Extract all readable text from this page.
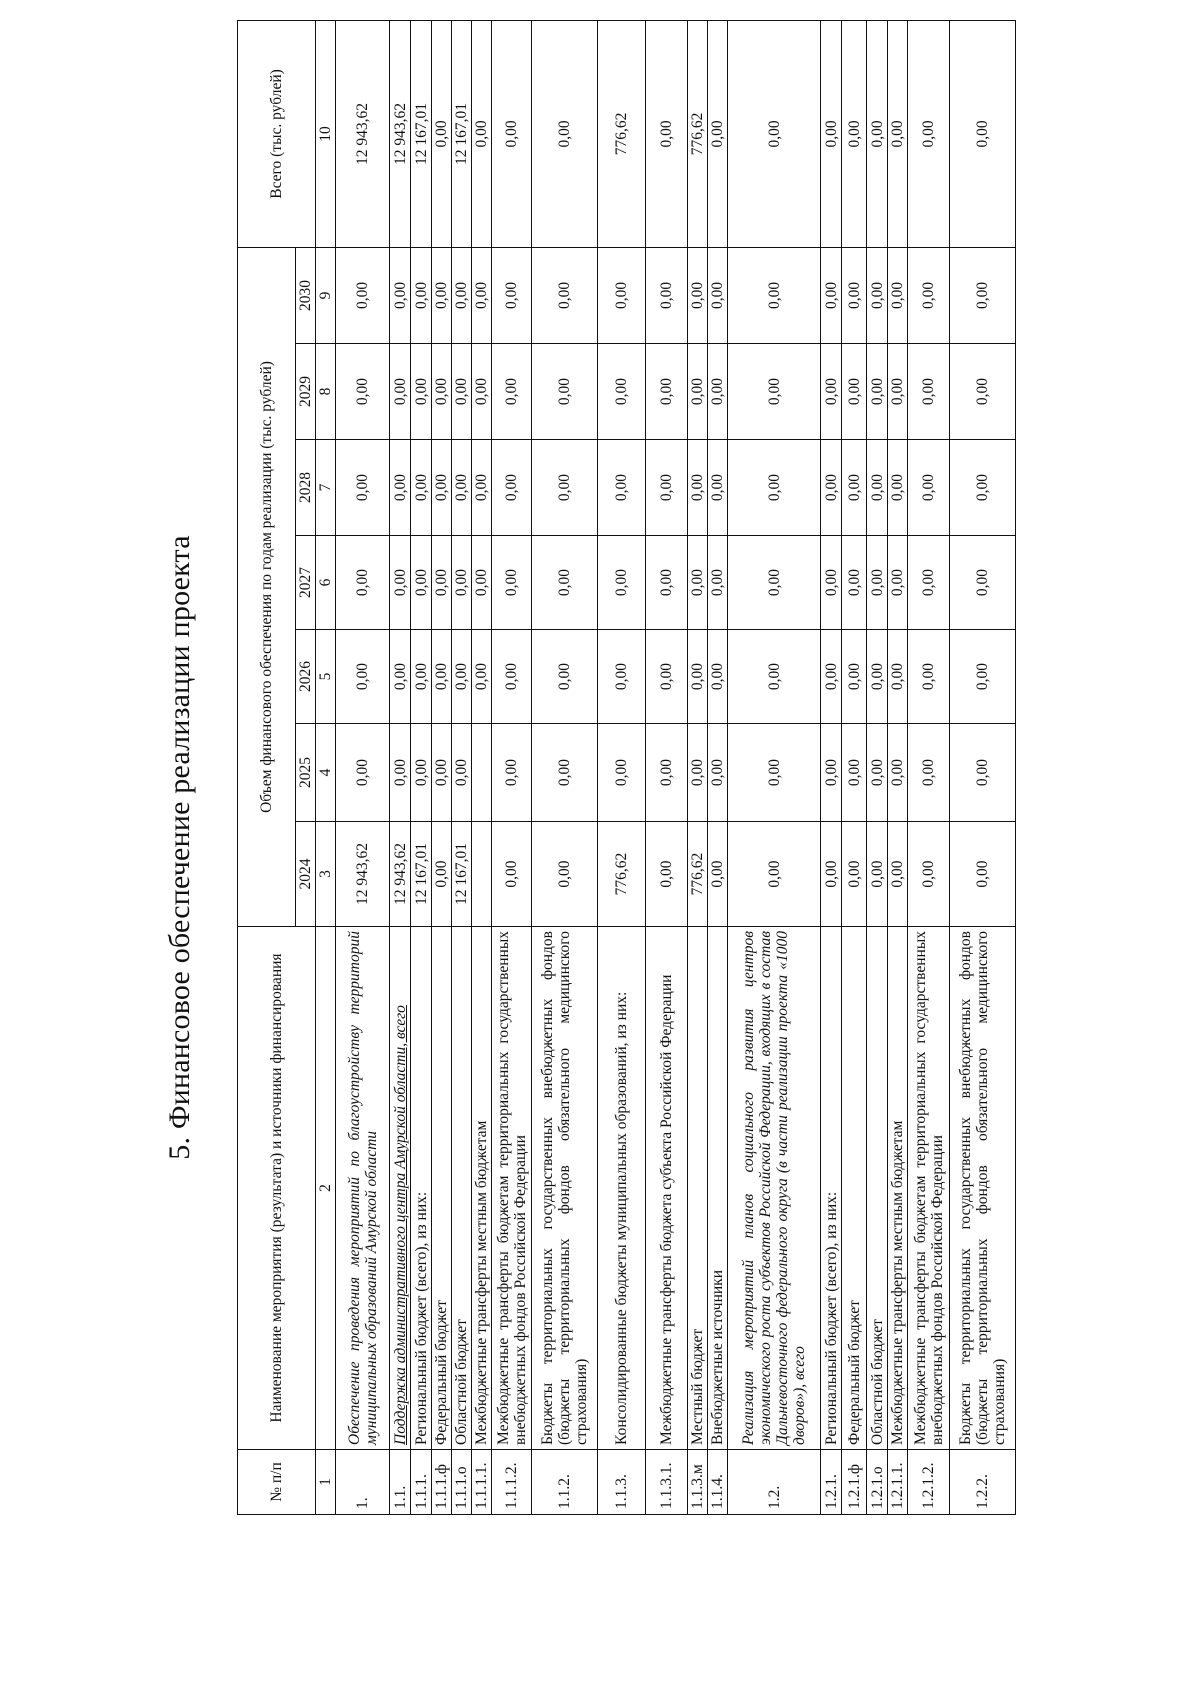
5. Финансовое обеспечение реализации проекта
№ п/п	Наименование мероприятия (результата) и источники финансирования	Объем финансового обеспечения по годам реализации (тыс. рублей)							Всего (тыс. рублей)
		2024	2025	2026	2027	2028	2029	2030	
1	2	3	4	5	6	7	8	9	10
1.	Обеспечение проведения мероприятий по благоустройству территорий муниципальных образований Амурской области	12 943,62	0,00	0,00	0,00	0,00	0,00	0,00	12 943,62
1.1.	Поддержка административного центра Амурской области, всего	12 943,62	0,00	0,00	0,00	0,00	0,00	0,00	12 943,62
1.1.1.	Региональный бюджет (всего), из них:	12 167,01	0,00	0,00	0,00	0,00	0,00	0,00	12 167,01
1.1.1.ф	Федеральный бюджет	0,00	0,00	0,00	0,00	0,00	0,00	0,00	0,00
1.1.1.о	Областной бюджет	12 167,01	0,00	0,00	0,00	0,00	0,00	0,00	12 167,01
1.1.1.1.	Межбюджетные трансферты местным бюджетам			0,00	0,00	0,00	0,00	0,00	0,00
1.1.1.2.	Межбюджетные трансферты бюджетам территориальных государственных внебюджетных фондов Российской Федерации	0,00	0,00	0,00	0,00	0,00	0,00	0,00	0,00
1.1.2.	Бюджеты территориальных государственных внебюджетных фондов (бюджеты территориальных фондов обязательного медицинского страхования)	0,00	0,00	0,00	0,00	0,00	0,00	0,00	0,00
1.1.3.	Консолидированные бюджеты муниципальных образований, из них:	776,62	0,00	0,00	0,00	0,00	0,00	0,00	776,62
1.1.3.1.	Межбюджетные трансферты бюджета субъекта Российской Федерации	0,00	0,00	0,00	0,00	0,00	0,00	0,00	0,00
1.1.3.м	Местный бюджет	776,62	0,00	0,00	0,00	0,00	0,00	0,00	776,62
1.1.4.	Внебюджетные источники	0,00	0,00	0,00	0,00	0,00	0,00	0,00	0,00
1.2.	Реализация мероприятий планов социального развития центров экономического роста субъектов Российской Федерации, входящих в состав Дальневосточного федерального округа (в части реализации проекта «1000 дворов»), всего	0,00	0,00	0,00	0,00	0,00	0,00	0,00	0,00
1.2.1.	Региональный бюджет (всего), из них:	0,00	0,00	0,00	0,00	0,00	0,00	0,00	0,00
1.2.1.ф	Федеральный бюджет	0,00	0,00	0,00	0,00	0,00	0,00	0,00	0,00
1.2.1.о	Областной бюджет	0,00	0,00	0,00	0,00	0,00	0,00	0,00	0,00
1.2.1.1.	Межбюджетные трансферты местным бюджетам	0,00	0,00	0,00	0,00	0,00	0,00	0,00	0,00
1.2.1.2.	Межбюджетные трансферты бюджетам территориальных государственных внебюджетных фондов Российской Федерации	0,00	0,00	0,00	0,00	0,00	0,00	0,00	0,00
1.2.2.	Бюджеты территориальных государственных внебюджетных фондов (бюджеты территориальных фондов обязательного медицинского страхования)	0,00	0,00	0,00	0,00	0,00	0,00	0,00	0,00
